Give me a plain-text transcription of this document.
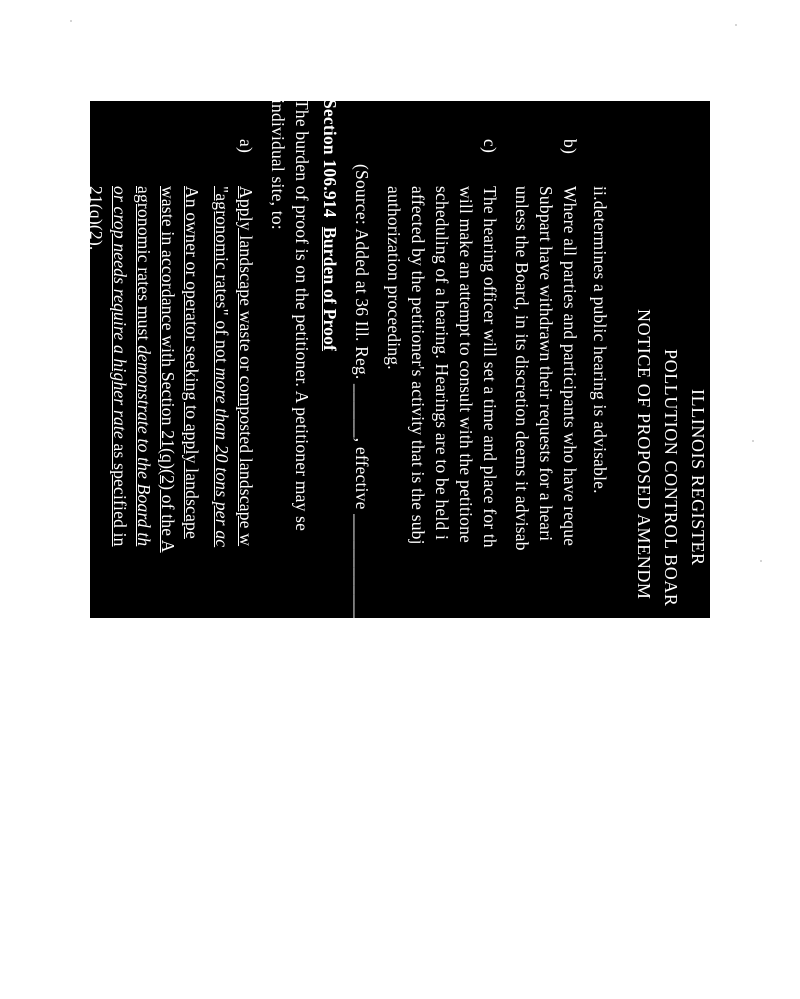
ILLINOIS REGISTER
POLLUTION CONTROL BOAR
NOTICE OF PROPOSED AMENDM
ii.determines a public hearing is advisable.
b)
Where all parties and participants who have reque
Subpart have withdrawn their requests for a heari
unless the Board, in its discretion deems it advisab
c)
The hearing officer will set a time and place for th
will make an attempt to consult with the petitione
scheduling of a hearing. Hearings are to be held i
affected by the petitioner's activity that is the subj
authorization proceeding.
(Source: Added at 36 Ill. Reg. ______, effective ____________)
Section 106.914  Burden of Proof
The burden of proof is on the petitioner. A petitioner may se
individual site, to:
a)
Apply landscape waste or composted landscape w
"agronomic rates" of not more than 20 tons per ac
An owner or operator seeking to apply landscape
waste in accordance with Section 21(q)(2) of the A
agronomic rates must demonstrate to the Board th
or crop needs require a higher rate as specified in
21(q)(2).
b)
Increase in total acreage of on-farm composting fa
operator seeking to apply landscape waste or lands
accordance with Section 21(q)(3)(A) of the Act at
